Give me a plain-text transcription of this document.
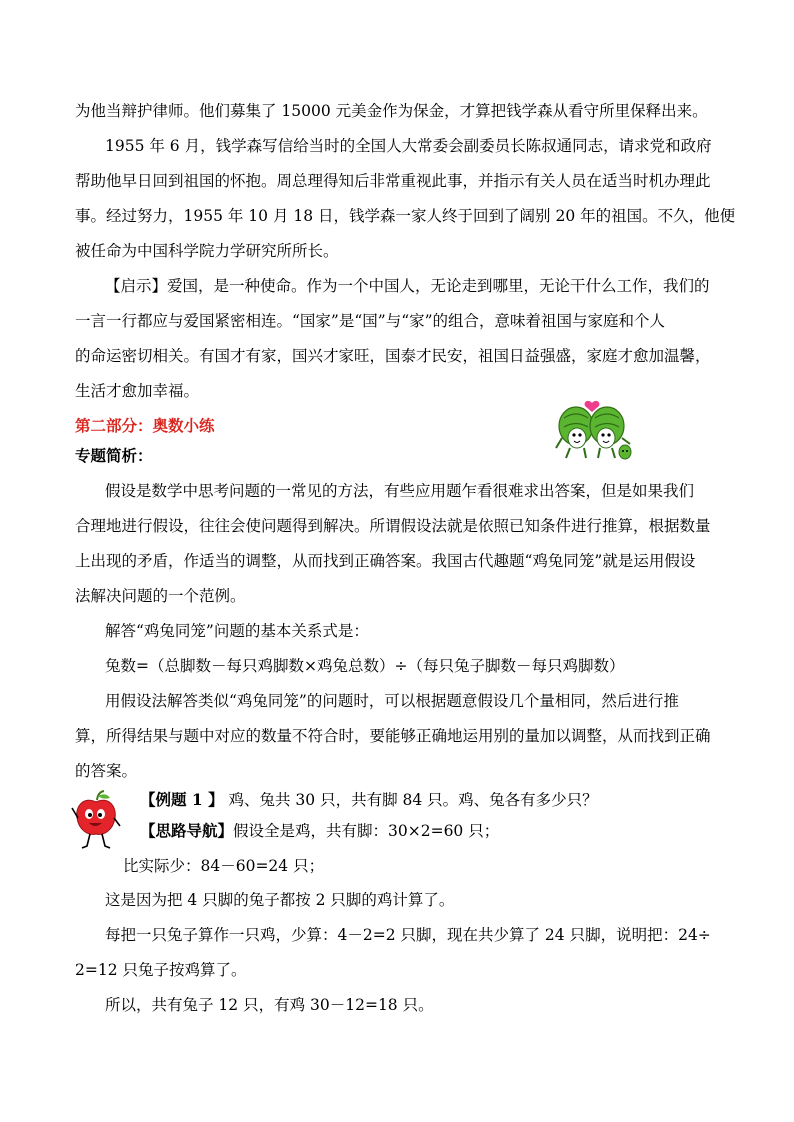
为他当辩护律师。他们募集了 15000 元美金作为保金，才算把钱学森从看守所里保释出来。
1955 年 6 月，钱学森写信给当时的全国人大常委会副委员长陈叔通同志，请求党和政府
帮助他早日回到祖国的怀抱。周总理得知后非常重视此事，并指示有关人员在适当时机办理此
事。经过努力，1955 年 10 月 18 日，钱学森一家人终于回到了阔别 20 年的祖国。不久，他便
被任命为中国科学院力学研究所所长。
【启示】爱国，是一种使命。作为一个中国人，无论走到哪里，无论干什么工作，我们的
一言一行都应与爱国紧密相连。“国家”是“国”与“家”的组合，意味着祖国与家庭和个人
的命运密切相关。有国才有家，国兴才家旺，国泰才民安，祖国日益强盛，家庭才愈加温馨，
生活才愈加幸福。
第二部分：奥数小练
专题简析：
假设是数学中思考问题的一常见的方法，有些应用题乍看很难求出答案，但是如果我们
合理地进行假设，往往会使问题得到解决。所谓假设法就是依照已知条件进行推算，根据数量
上出现的矛盾，作适当的调整，从而找到正确答案。我国古代趣题“鸡兔同笼”就是运用假设
法解决问题的一个范例。
解答“鸡兔同笼”问题的基本关系式是：
兔数=（总脚数－每只鸡脚数×鸡兔总数）÷（每只兔子脚数－每只鸡脚数）
用假设法解答类似“鸡兔同笼”的问题时，可以根据题意假设几个量相同，然后进行推
算，所得结果与题中对应的数量不符合时，要能够正确地运用别的量加以调整，从而找到正确
的答案。
【例题 1 】 鸡、兔共 30 只，共有脚 84 只。鸡、兔各有多少只？
【思路导航】假设全是鸡，共有脚：30×2=60 只；
比实际少：84－60=24 只；
这是因为把 4 只脚的兔子都按 2 只脚的鸡计算了。
每把一只兔子算作一只鸡，少算：4－2=2 只脚，现在共少算了 24 只脚，说明把：24÷
2=12 只兔子按鸡算了。
所以，共有兔子 12 只，有鸡 30－12=18 只。
